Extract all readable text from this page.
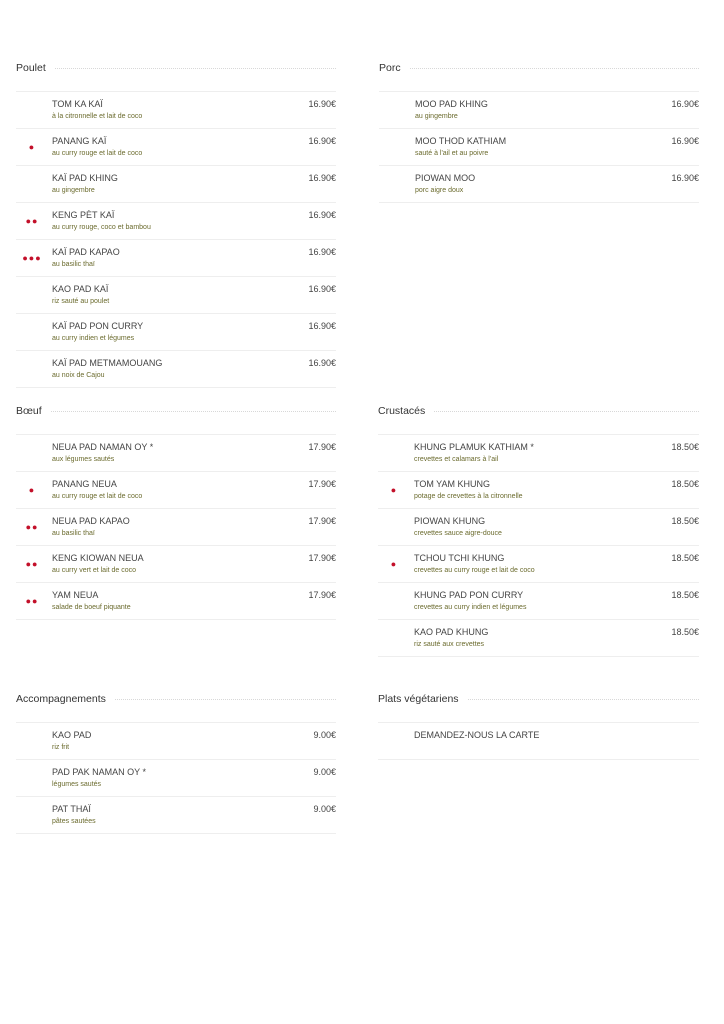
Poulet
TOM KA KAÏ
à la citronnelle et lait de coco
16.90€
●
PANANG KAÏ
au curry rouge et lait de coco
16.90€
KAÏ PAD KHING
au gingembre
16.90€
●●
KENG PÈT KAÏ
au curry rouge, coco et bambou
16.90€
●●●
KAÏ PAD KAPAO
au basilic thaï
16.90€
KAO PAD KAÏ
riz sauté au poulet
16.90€
KAÏ PAD PON CURRY
au curry indien et légumes
16.90€
KAÏ PAD METMAMOUANG
au noix de Cajou
16.90€
Porc
MOO PAD KHING
au gingembre
16.90€
MOO THOD KATHIAM
sauté à l'ail et au poivre
16.90€
PIOWAN MOO
porc aigre doux
16.90€
Bœuf
NEUA PAD NAMAN OY *
aux légumes sautés
17.90€
●
PANANG NEUA
au curry rouge et lait de coco
17.90€
●●
NEUA PAD KAPAO
au basilic thaï
17.90€
●●
KENG KIOWAN NEUA
au curry vert et lait de coco
17.90€
●●
YAM NEUA
salade de boeuf piquante
17.90€
Crustacés
KHUNG PLAMUK KATHIAM *
crevettes et calamars à l'ail
18.50€
●
TOM YAM KHUNG
potage de crevettes à la citronnelle
18.50€
PIOWAN KHUNG
crevettes sauce aigre-douce
18.50€
●
TCHOU TCHI KHUNG
crevettes au curry rouge et lait de coco
18.50€
KHUNG PAD PON CURRY
crevettes au curry indien et légumes
18.50€
KAO PAD KHUNG
riz sauté aux crevettes
18.50€
Accompagnements
KAO PAD
riz frit
9.00€
PAD PAK NAMAN OY *
légumes sautés
9.00€
PAT THAÏ
pâtes sautées
9.00€
Plats végétariens
DEMANDEZ-NOUS LA CARTE
